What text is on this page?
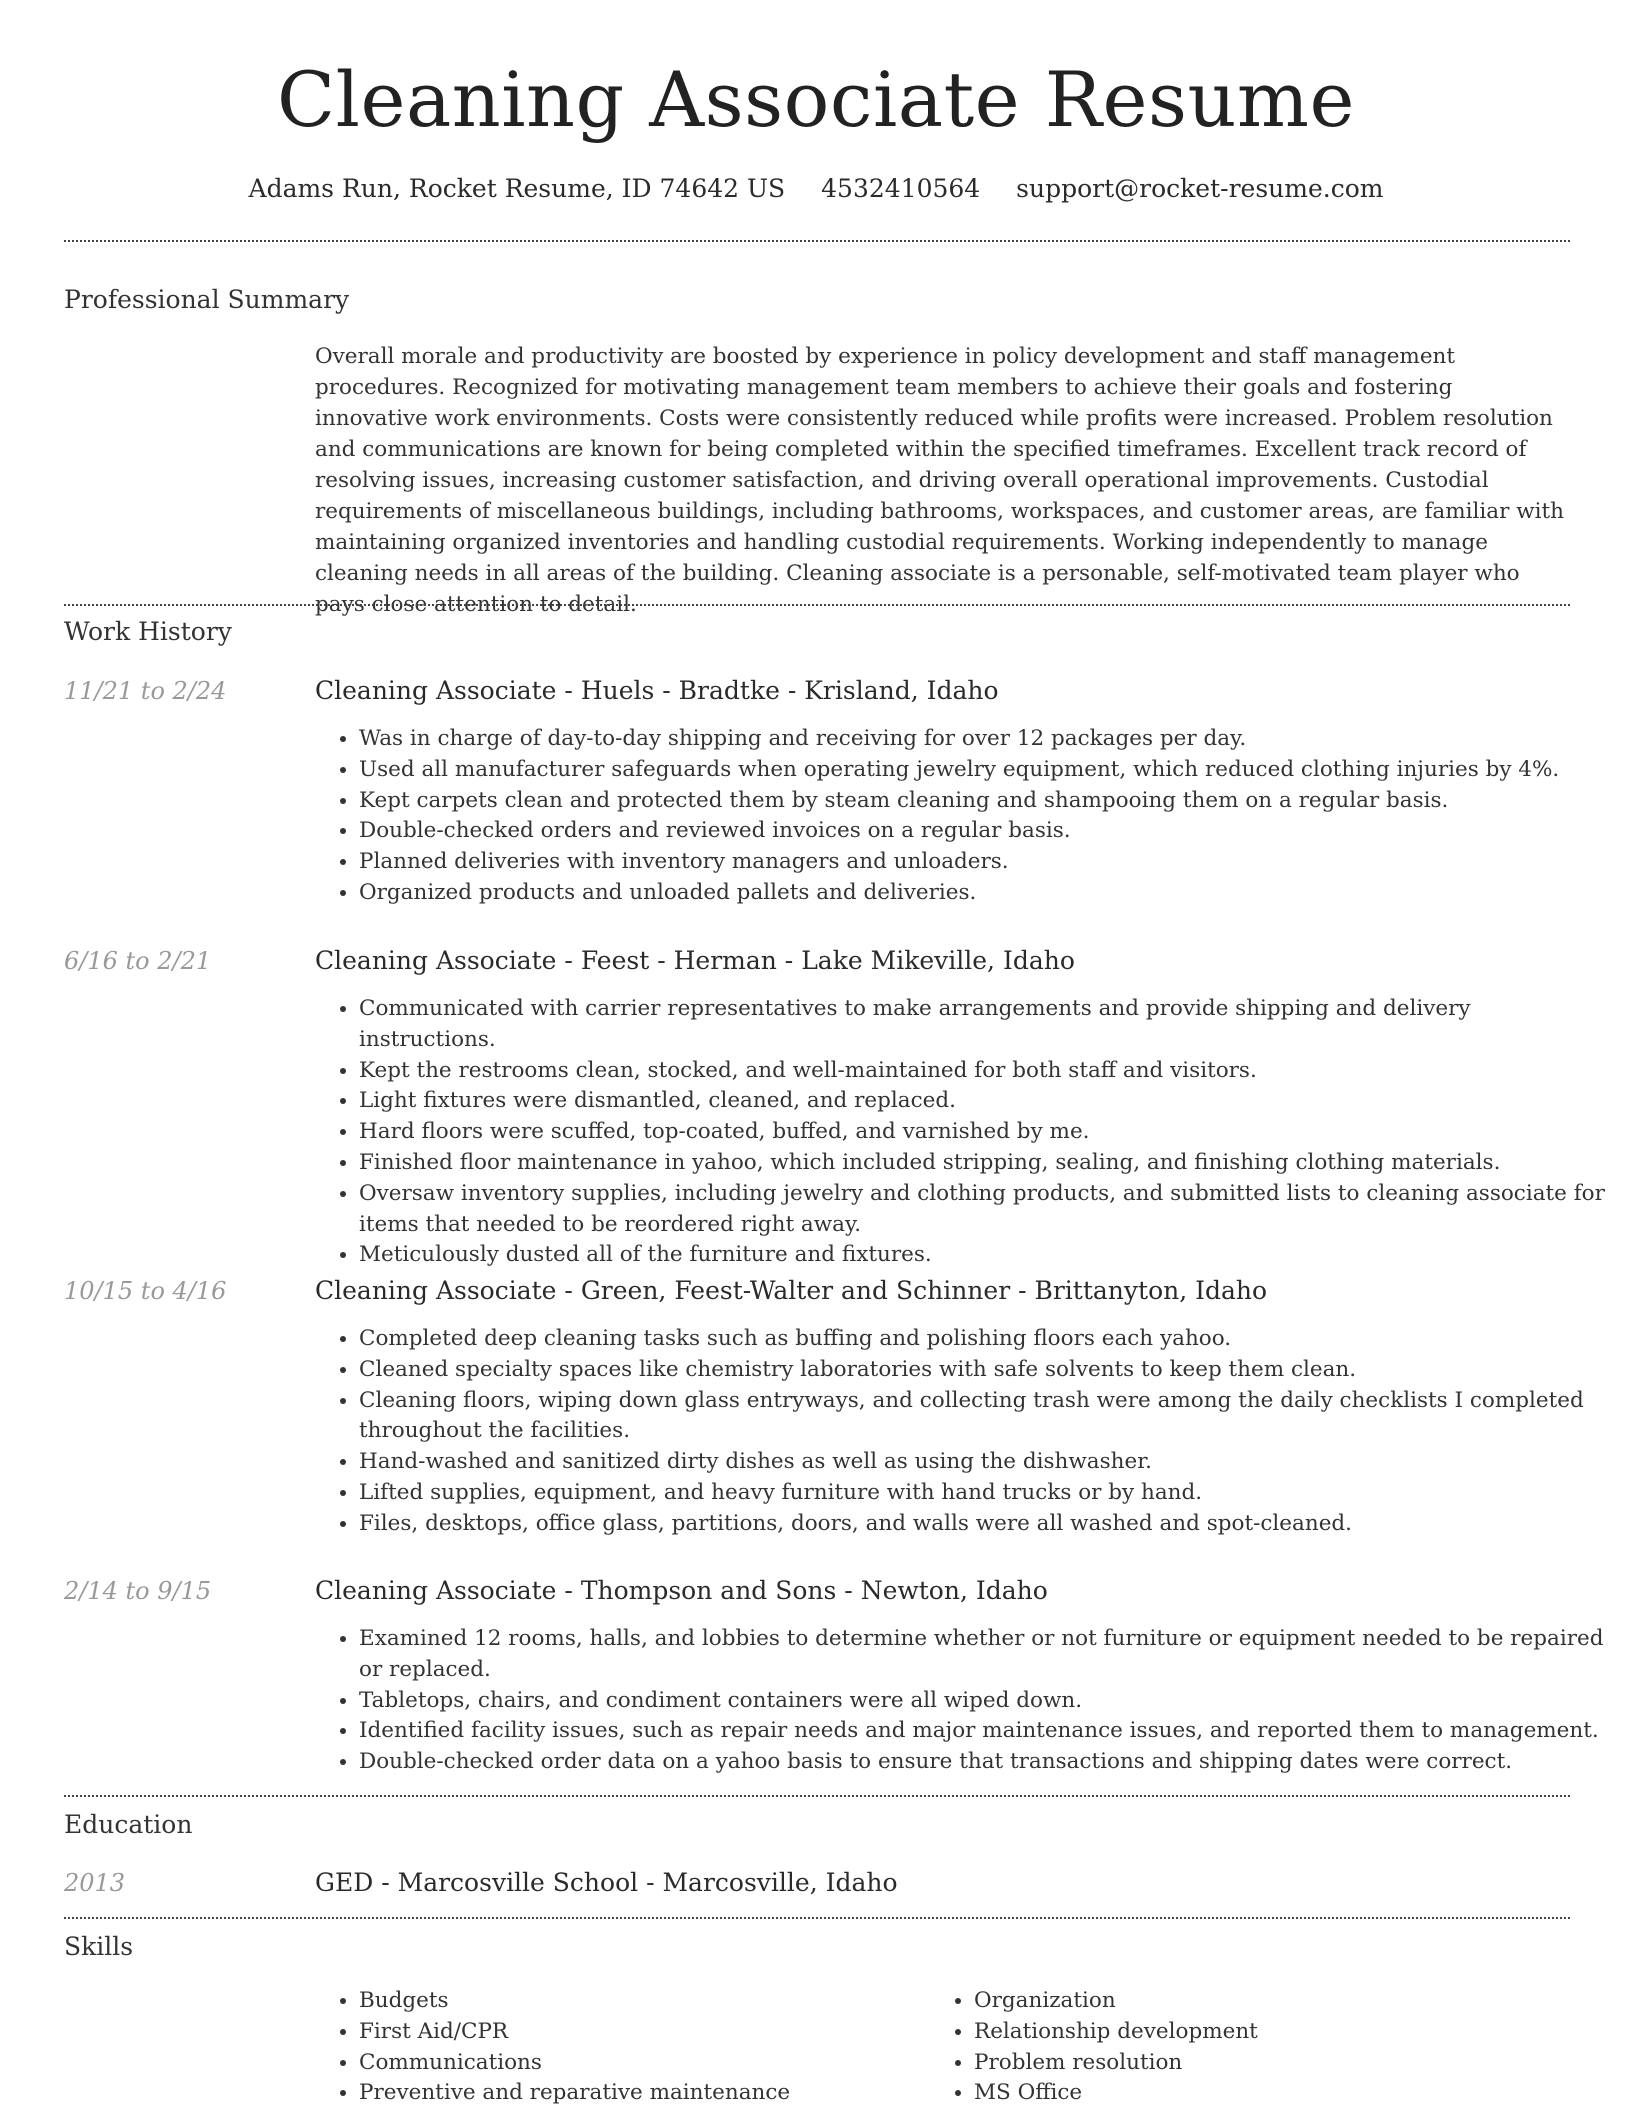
Cleaning Associate Resume
Adams Run, Rocket Resume, ID 74642 US 4532410564 support@rocket-resume.com
Professional Summary
Overall morale and productivity are boosted by experience in policy development and staff management procedures. Recognized for motivating management team members to achieve their goals and fostering innovative work environments. Costs were consistently reduced while profits were increased. Problem resolution and communications are known for being completed within the specified timeframes. Excellent track record of resolving issues, increasing customer satisfaction, and driving overall operational improvements. Custodial requirements of miscellaneous buildings, including bathrooms, workspaces, and customer areas, are familiar with maintaining organized inventories and handling custodial requirements. Working independently to manage cleaning needs in all areas of the building. Cleaning associate is a personable, self-motivated team player who pays close attention to detail.
Work History
11/21 to 2/24	Cleaning Associate - Huels - Bradtke - Krisland, Idaho
• Was in charge of day-to-day shipping and receiving for over 12 packages per day.
• Used all manufacturer safeguards when operating jewelry equipment, which reduced clothing injuries by 4%.
• Kept carpets clean and protected them by steam cleaning and shampooing them on a regular basis.
• Double-checked orders and reviewed invoices on a regular basis.
• Planned deliveries with inventory managers and unloaders.
• Organized products and unloaded pallets and deliveries.
6/16 to 2/21	Cleaning Associate - Feest - Herman - Lake Mikeville, Idaho
• Communicated with carrier representatives to make arrangements and provide shipping and delivery instructions.
• Kept the restrooms clean, stocked, and well-maintained for both staff and visitors.
• Light fixtures were dismantled, cleaned, and replaced.
• Hard floors were scuffed, top-coated, buffed, and varnished by me.
• Finished floor maintenance in yahoo, which included stripping, sealing, and finishing clothing materials.
• Oversaw inventory supplies, including jewelry and clothing products, and submitted lists to cleaning associate for items that needed to be reordered right away.
• Meticulously dusted all of the furniture and fixtures.
10/15 to 4/16	Cleaning Associate - Green, Feest-Walter and Schinner - Brittanyton, Idaho
• Completed deep cleaning tasks such as buffing and polishing floors each yahoo.
• Cleaned specialty spaces like chemistry laboratories with safe solvents to keep them clean.
• Cleaning floors, wiping down glass entryways, and collecting trash were among the daily checklists I completed throughout the facilities.
• Hand-washed and sanitized dirty dishes as well as using the dishwasher.
• Lifted supplies, equipment, and heavy furniture with hand trucks or by hand.
• Files, desktops, office glass, partitions, doors, and walls were all washed and spot-cleaned.
2/14 to 9/15	Cleaning Associate - Thompson and Sons - Newton, Idaho
• Examined 12 rooms, halls, and lobbies to determine whether or not furniture or equipment needed to be repaired or replaced.
• Tabletops, chairs, and condiment containers were all wiped down.
• Identified facility issues, such as repair needs and major maintenance issues, and reported them to management.
• Double-checked order data on a yahoo basis to ensure that transactions and shipping dates were correct.
Education
2013	GED - Marcosville School - Marcosville, Idaho
Skills
• Budgets
• First Aid/CPR
• Communications
• Preventive and reparative maintenance
• Organization
• Relationship development
• Problem resolution
• MS Office
